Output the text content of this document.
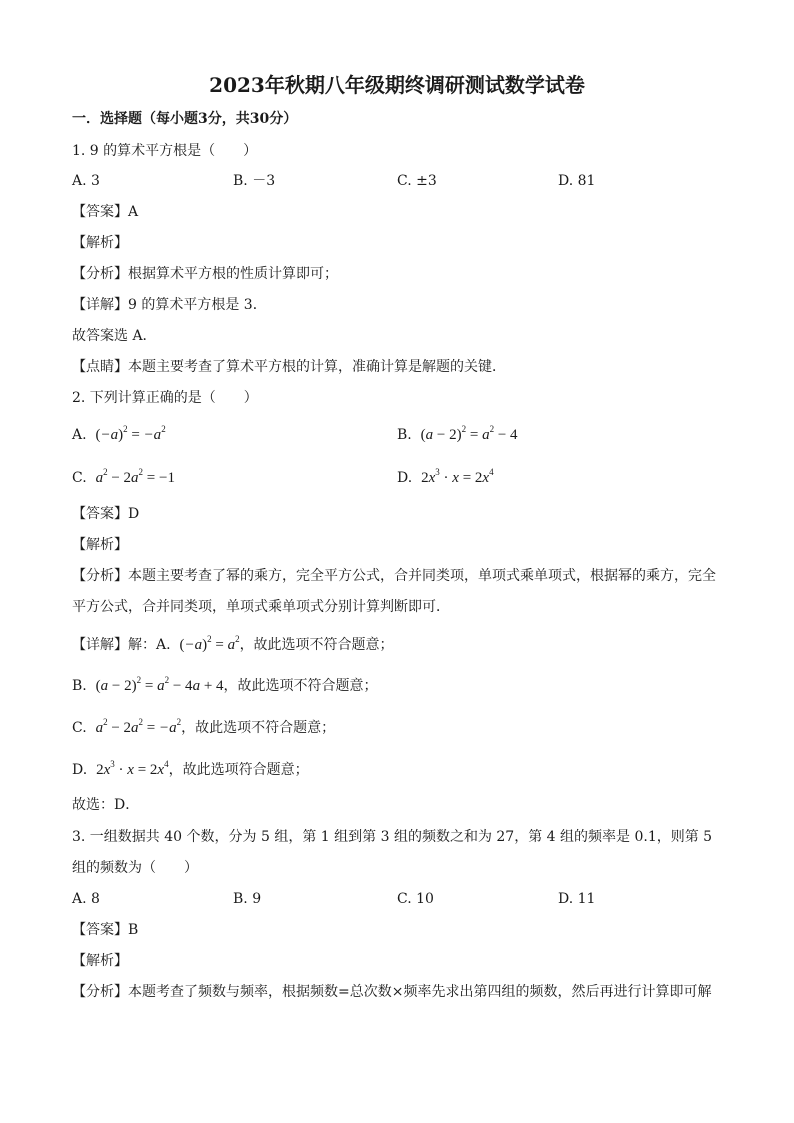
2023年秋期八年级期终调研测试数学试卷
一．选择题（每小题3分，共30分）
1. 9 的算术平方根是（　　）
A. 3	B. －3	C. ±3	D. 81
【答案】A
【解析】
【分析】根据算术平方根的性质计算即可；
【详解】9 的算术平方根是 3．
故答案选 A．
【点睛】本题主要考查了算术平方根的计算，准确计算是解题的关键．
2. 下列计算正确的是（　　）
A. $(-a)^2 = -a^2$	B. $(a - 2)^2 = a^2 - 4$
C. $a^2 - 2a^2 = -1$	D. $2x^3 \cdot x = 2x^4$
【答案】D
【解析】
【分析】本题主要考查了幂的乘方，完全平方公式，合并同类项，单项式乘单项式，根据幂的乘方，完全平方公式，合并同类项，单项式乘单项式分别计算判断即可．
【详解】解：A. $(-a)^2 = a^2$，故此选项不符合题意；
B. $(a - 2)^2 = a^2 - 4a + 4$，故此选项不符合题意；
C. $a^2 - 2a^2 = -a^2$，故此选项不符合题意；
D. $2x^3 \cdot x = 2x^4$，故此选项符合题意；
故选：D．
3. 一组数据共 40 个数，分为 5 组，第 1 组到第 3 组的频数之和为 27，第 4 组的频率是 0.1，则第 5 组的频数为（　　）
A. 8	B. 9	C. 10	D. 11
【答案】B
【解析】
【分析】本题考查了频数与频率，根据频数=总次数×频率先求出第四组的频数，然后再进行计算即可解
